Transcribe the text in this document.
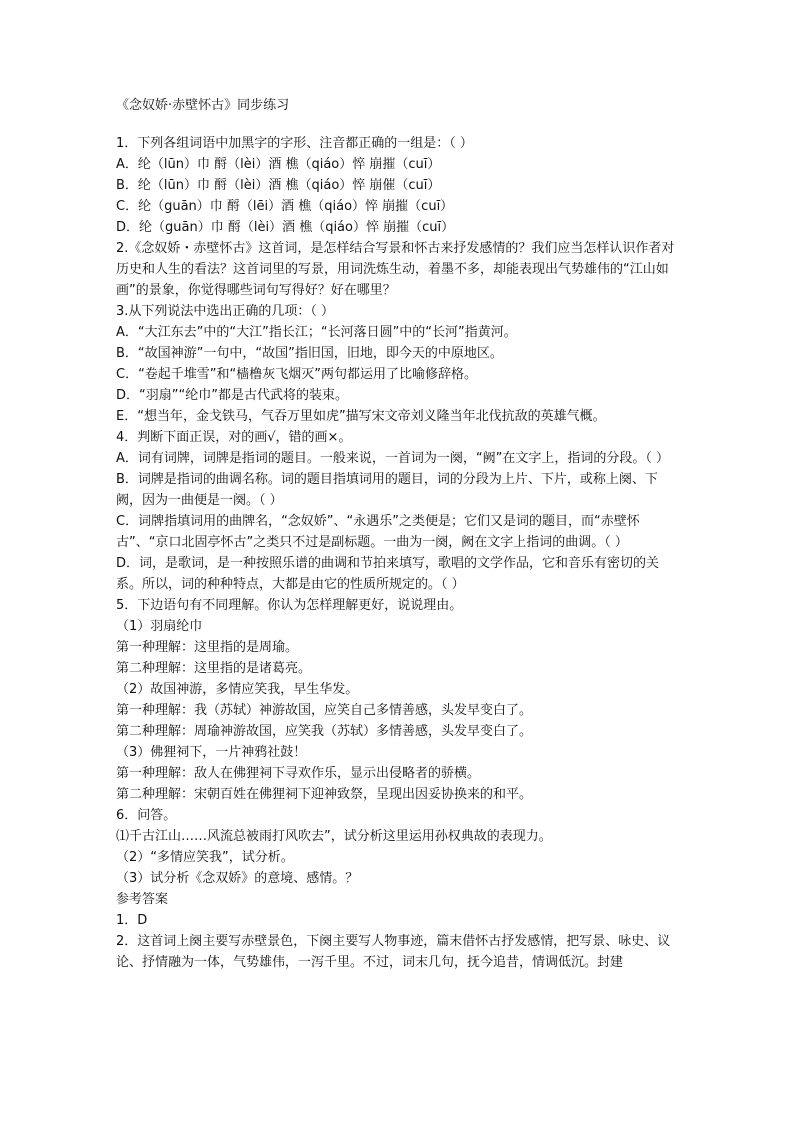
《念奴娇·赤壁怀古》同步练习
1．下列各组词语中加黑字的字形、注音都正确的一组是：（ ）
A．纶（lūn）巾 酹（lèi）酒 樵（qiáo）悴 崩摧（cuī）
B．纶（lūn）巾 酹（lèi）酒 樵（qiáo）悴 崩催（cuī）
C．纶（guān）巾 酹（lēi）酒 樵（qiáo）悴 崩摧（cuī）
D．纶（guān）巾 酹（lèi）酒 樵（qiáo）悴 崩摧（cuī）
2.《念奴娇・赤壁怀古》这首词，是怎样结合写景和怀古来抒发感情的？我们应当怎样认识作者对历史和人生的看法？这首词里的写景，用词洗炼生动，着墨不多，却能表现出气势雄伟的“江山如画”的景象，你觉得哪些词句写得好？好在哪里？
3.从下列说法中选出正确的几项：（ ）
A．“大江东去”中的“大江”指长江；“长河落日圆”中的“长河”指黄河。
B．“故国神游”一句中，“故国”指旧国，旧地，即今天的中原地区。
C．“卷起千堆雪”和“樯橹灰飞烟灭”两句都运用了比喻修辞格。
D．“羽扇”“纶巾”都是古代武将的装束。
E．“想当年，金戈铁马，气吞万里如虎”描写宋文帝刘义隆当年北伐抗敌的英雄气概。
4．判断下面正误，对的画√，错的画×。
A．词有词牌，词牌是指词的题目。一般来说，一首词为一阕，“阙”在文字上，指词的分段。（ ）
B．词牌是指词的曲调名称。词的题目指填词用的题目，词的分段为上片、下片，或称上阕、下阙，因为一曲便是一阕。（ ）
C．词牌指填词用的曲牌名，“念奴娇”、“永遇乐”之类便是；它们又是词的题目，而“赤壁怀古”、“京口北固亭怀古”之类只不过是副标题。一曲为一阕，阙在文字上指词的曲调。（ ）
D．词，是歌词，是一种按照乐谱的曲调和节拍来填写，歌唱的文学作品，它和音乐有密切的关系。所以，词的种种特点，大都是由它的性质所规定的。（ ）
5．下边语句有不同理解。你认为怎样理解更好，说说理由。
（1）羽扇纶巾
第一种理解：这里指的是周瑜。
第二种理解：这里指的是诸葛亮。
（2）故国神游，多情应笑我，早生华发。
第一种理解：我（苏轼）神游故国，应笑自己多情善感，头发早变白了。
第二种理解：周瑜神游故国，应笑我（苏轼）多情善感，头发早变白了。
（3）佛狸祠下，一片神鸦社鼓！
第一种理解：敌人在佛狸祠下寻欢作乐，显示出侵略者的骄横。
第二种理解：宋朝百姓在佛狸祠下迎神致祭，呈现出因妥协换来的和平。
6．问答。
⑴千古江山……风流总被雨打风吹去”，试分析这里运用孙权典故的表现力。
（2）“多情应笑我”，试分析。
（3）试分析《念双娇》的意境、感情。？
参考答案
1．D
2．这首词上阕主要写赤壁景色，下阕主要写人物事迹，篇末借怀古抒发感情，把写景、咏史、议论、抒情融为一体，气势雄伟，一泻千里。不过，词末几句，抚今追昔，情调低沉。封建
